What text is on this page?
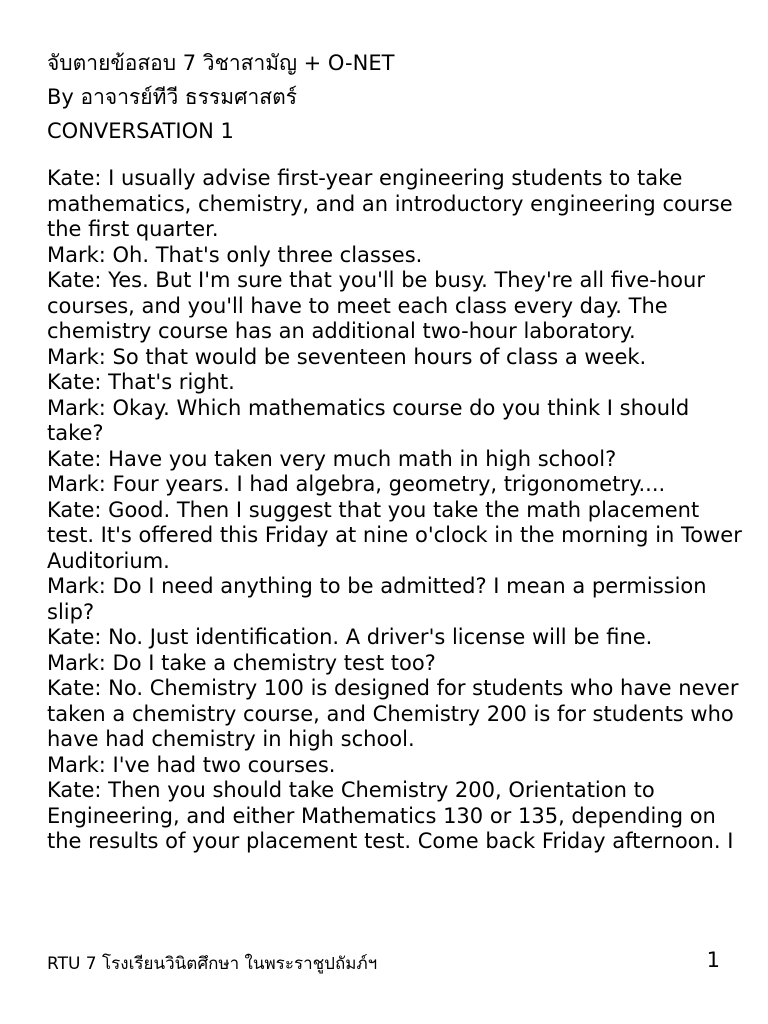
จับตายข้อสอบ 7 วิชาสามัญ + O-NET
By อาจารย์ทีวี ธรรมศาสตร์
CONVERSATION 1

Kate: I usually advise first-year engineering students to take mathematics, chemistry, and an introductory engineering course the first quarter.

Mark: Oh. That's only three classes.

Kate: Yes. But I'm sure that you'll be busy. They're all five-hour courses, and you'll have to meet each class every day. The chemistry course has an additional two-hour laboratory.

Mark: So that would be seventeen hours of class a week.

Kate: That's right.

Mark: Okay. Which mathematics course do you think I should take?

Kate: Have you taken very much math in high school?

Mark: Four years. I had algebra, geometry, trigonometry....

Kate: Good. Then I suggest that you take the math placement test. It's offered this Friday at nine o'clock in the morning in Tower Auditorium.

Mark: Do I need anything to be admitted? I mean a permission slip?

Kate: No. Just identification. A driver's license will be fine.

Mark: Do I take a chemistry test too?

Kate: No. Chemistry 100 is designed for students who have never taken a chemistry course, and Chemistry 200 is for students who have had chemistry in high school.

Mark: I've had two courses.

Kate: Then you should take Chemistry 200, Orientation to Engineering, and either Mathematics 130 or 135, depending on the results of your placement test. Come back Friday afternoon. I

RTU 7 โรงเรียนวินิตศึกษา ในพระราชูปถัมภ์ฯ	1
